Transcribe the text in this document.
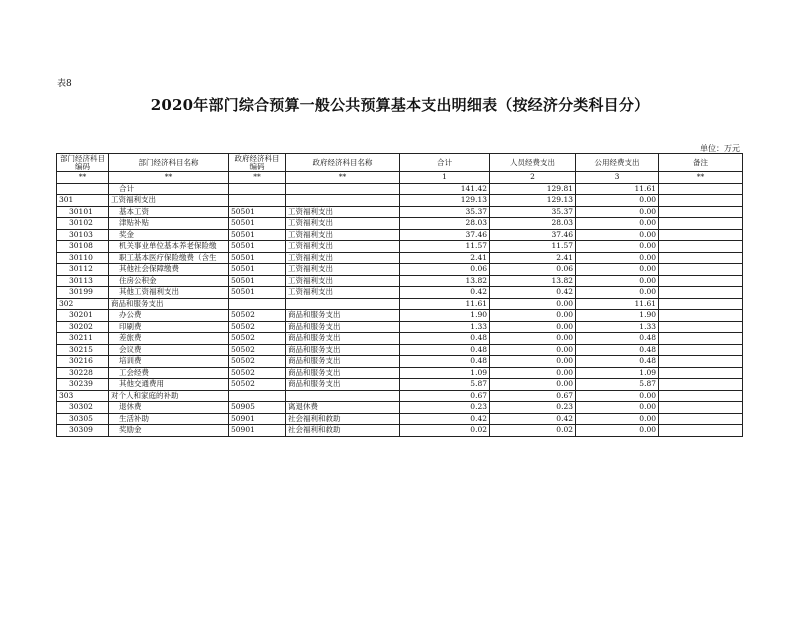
表8
2020年部门综合预算一般公共预算基本支出明细表（按经济分类科目分）
单位：万元
部门经济科目编码	部门经济科目名称	政府经济科目编码	政府经济科目名称	合计	人员经费支出	公用经费支出	备注
**	**	**	**	1	2	3	**
	合计			141.42	129.81	11.61	
301	工资福利支出			129.13	129.13	0.00	
30101	基本工资	50501	工资福利支出	35.37	35.37	0.00	
30102	津贴补贴	50501	工资福利支出	28.03	28.03	0.00	
30103	奖金	50501	工资福利支出	37.46	37.46	0.00	
30108	机关事业单位基本养老保险缴	50501	工资福利支出	11.57	11.57	0.00	
30110	职工基本医疗保险缴费（含生	50501	工资福利支出	2.41	2.41	0.00	
30112	其他社会保障缴费	50501	工资福利支出	0.06	0.06	0.00	
30113	住房公积金	50501	工资福利支出	13.82	13.82	0.00	
30199	其他工资福利支出	50501	工资福利支出	0.42	0.42	0.00	
302	商品和服务支出			11.61	0.00	11.61	
30201	办公费	50502	商品和服务支出	1.90	0.00	1.90	
30202	印刷费	50502	商品和服务支出	1.33	0.00	1.33	
30211	差旅费	50502	商品和服务支出	0.48	0.00	0.48	
30215	会议费	50502	商品和服务支出	0.48	0.00	0.48	
30216	培训费	50502	商品和服务支出	0.48	0.00	0.48	
30228	工会经费	50502	商品和服务支出	1.09	0.00	1.09	
30239	其他交通费用	50502	商品和服务支出	5.87	0.00	5.87	
303	对个人和家庭的补助			0.67	0.67	0.00	
30302	退休费	50905	离退休费	0.23	0.23	0.00	
30305	生活补助	50901	社会福利和救助	0.42	0.42	0.00	
30309	奖励金	50901	社会福利和救助	0.02	0.02	0.00	
